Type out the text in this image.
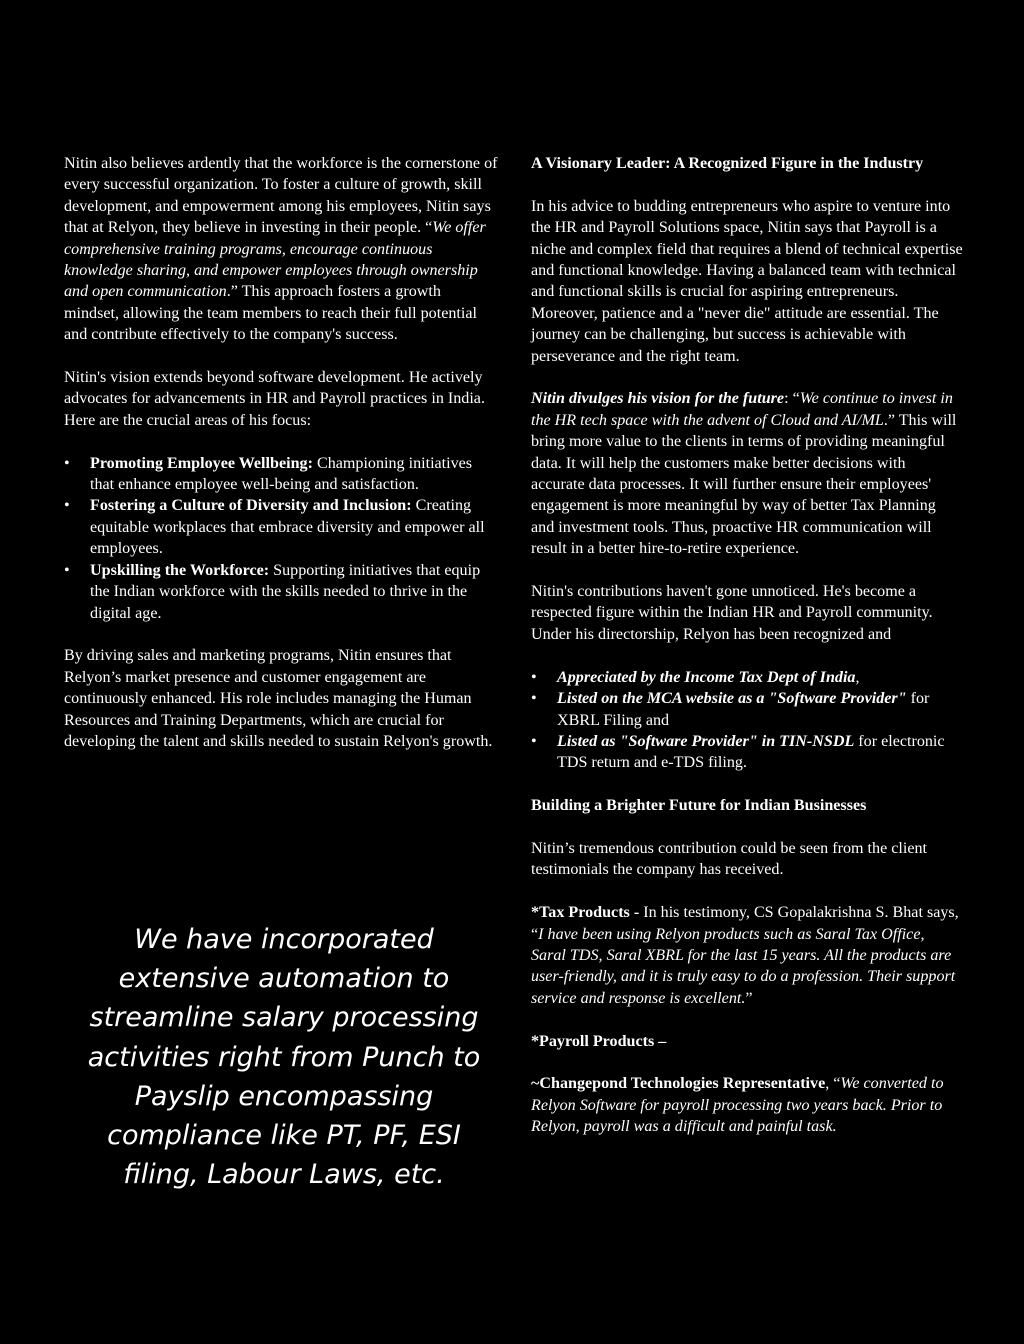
Nitin also believes ardently that the workforce is the cornerstone of every successful organization. To foster a culture of growth, skill development, and empowerment among his employees, Nitin says that at Relyon, they believe in investing in their people. “We offer comprehensive training programs, encourage continuous knowledge sharing, and empower employees through ownership and open communication.” This approach fosters a growth mindset, allowing the team members to reach their full potential and contribute effectively to the company's success.

Nitin's vision extends beyond software development. He actively advocates for advancements in HR and Payroll practices in India. Here are the crucial areas of his focus:

• Promoting Employee Wellbeing: Championing initiatives that enhance employee well-being and satisfaction.
• Fostering a Culture of Diversity and Inclusion: Creating equitable workplaces that embrace diversity and empower all employees.
• Upskilling the Workforce: Supporting initiatives that equip the Indian workforce with the skills needed to thrive in the digital age.

By driving sales and marketing programs, Nitin ensures that Relyon’s market presence and customer engagement are continuously enhanced. His role includes managing the Human Resources and Training Departments, which are crucial for developing the talent and skills needed to sustain Relyon's growth.

We have incorporated extensive automation to streamline salary processing activities right from Punch to Payslip encompassing compliance like PT, PF, ESI filing, Labour Laws, etc.

A Visionary Leader: A Recognized Figure in the Industry

In his advice to budding entrepreneurs who aspire to venture into the HR and Payroll Solutions space, Nitin says that Payroll is a niche and complex field that requires a blend of technical expertise and functional knowledge. Having a balanced team with technical and functional skills is crucial for aspiring entrepreneurs. Moreover, patience and a "never die" attitude are essential. The journey can be challenging, but success is achievable with perseverance and the right team.

Nitin divulges his vision for the future: “We continue to invest in the HR tech space with the advent of Cloud and AI/ML.” This will bring more value to the clients in terms of providing meaningful data. It will help the customers make better decisions with accurate data processes. It will further ensure their employees' engagement is more meaningful by way of better Tax Planning and investment tools. Thus, proactive HR communication will result in a better hire-to-retire experience.

Nitin's contributions haven't gone unnoticed. He's become a respected figure within the Indian HR and Payroll community. Under his directorship, Relyon has been recognized and

• Appreciated by the Income Tax Dept of India,
• Listed on the MCA website as a "Software Provider" for XBRL Filing and
• Listed as "Software Provider" in TIN-NSDL for electronic TDS return and e-TDS filing.

Building a Brighter Future for Indian Businesses

Nitin’s tremendous contribution could be seen from the client testimonials the company has received.

*Tax Products - In his testimony, CS Gopalakrishna S. Bhat says, “I have been using Relyon products such as Saral Tax Office, Saral TDS, Saral XBRL for the last 15 years. All the products are user-friendly, and it is truly easy to do a profession. Their support service and response is excellent.”

*Payroll Products –

~Changepond Technologies Representative, “We converted to Relyon Software for payroll processing two years back. Prior to Relyon, payroll was a difficult and painful task.
